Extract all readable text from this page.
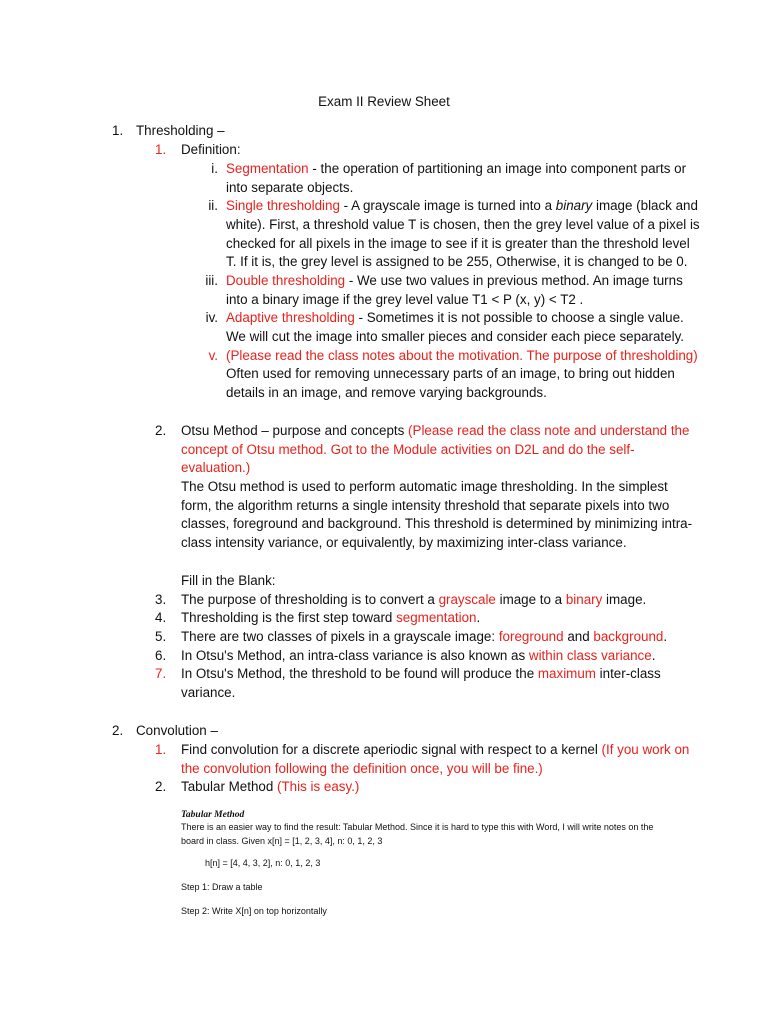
Exam II Review Sheet
1. Thresholding –
1. Definition:
i. Segmentation - the operation of partitioning an image into component parts or
into separate objects.
ii. Single thresholding - A grayscale image is turned into a binary image (black and
white). First, a threshold value T is chosen, then the grey level value of a pixel is
checked for all pixels in the image to see if it is greater than the threshold level
T. If it is, the grey level is assigned to be 255, Otherwise, it is changed to be 0.
iii. Double thresholding - We use two values in previous method. An image turns
into a binary image if the grey level value T1 < P (x, y) < T2 .
iv. Adaptive thresholding - Sometimes it is not possible to choose a single value.
We will cut the image into smaller pieces and consider each piece separately.
v. (Please read the class notes about the motivation. The purpose of thresholding)
Often used for removing unnecessary parts of an image, to bring out hidden
details in an image, and remove varying backgrounds.
2. Otsu Method – purpose and concepts (Please read the class note and understand the
concept of Otsu method. Got to the Module activities on D2L and do the self-
evaluation.)
The Otsu method is used to perform automatic image thresholding. In the simplest
form, the algorithm returns a single intensity threshold that separate pixels into two
classes, foreground and background. This threshold is determined by minimizing intra-
class intensity variance, or equivalently, by maximizing inter-class variance.
Fill in the Blank:
3. The purpose of thresholding is to convert a grayscale image to a binary image.
4. Thresholding is the first step toward segmentation.
5. There are two classes of pixels in a grayscale image: foreground and background.
6. In Otsu's Method, an intra-class variance is also known as within class variance.
7. In Otsu's Method, the threshold to be found will produce the maximum inter-class
variance.
2. Convolution –
1. Find convolution for a discrete aperiodic signal with respect to a kernel (If you work on
the convolution following the definition once, you will be fine.)
2. Tabular Method (This is easy.)
Tabular Method
There is an easier way to find the result: Tabular Method. Since it is hard to type this with Word, I will write notes on the
board in class. Given x[n] = [1, 2, 3, 4], n: 0, 1, 2, 3
h[n] = [4, 4, 3, 2], n: 0, 1, 2, 3
Step 1: Draw a table
Step 2: Write X[n] on top horizontally
